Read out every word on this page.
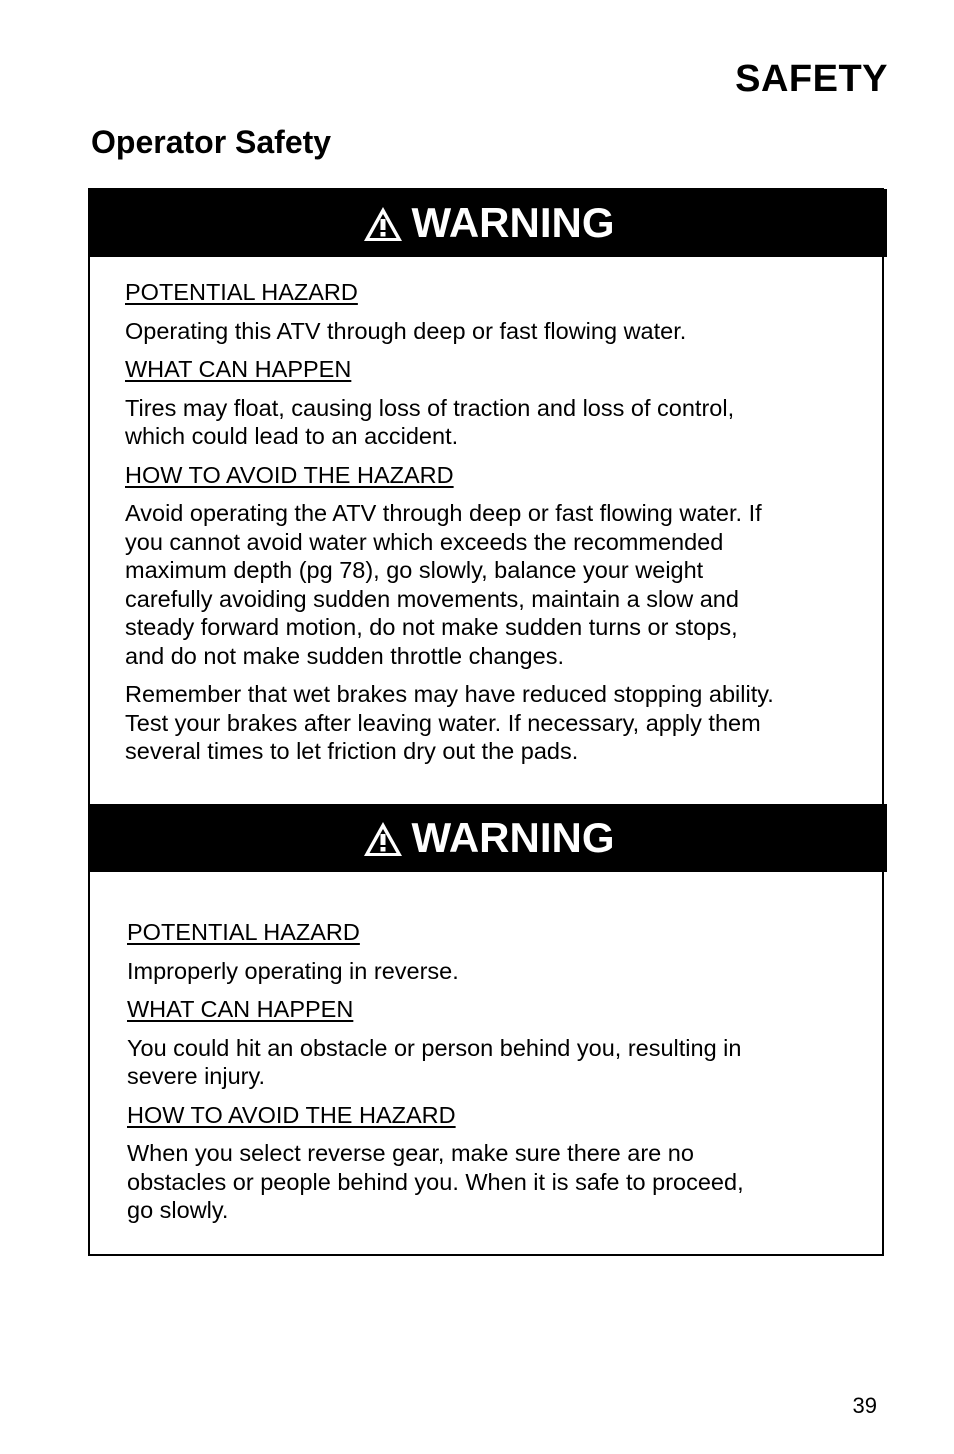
SAFETY
Operator Safety
WARNING

POTENTIAL HAZARD

Operating this ATV through deep or fast flowing water.

WHAT CAN HAPPEN

Tires may float, causing loss of traction and loss of control,
which could lead to an accident.

HOW TO AVOID THE HAZARD

Avoid operating the ATV through deep or fast flowing water. If
you cannot avoid water which exceeds the recommended
maximum depth (pg 78), go slowly, balance your weight
carefully avoiding sudden movements, maintain a slow and
steady forward motion, do not make sudden turns or stops,
and do not make sudden throttle changes.

Remember that wet brakes may have reduced stopping ability.
Test your brakes after leaving water. If necessary, apply them
several times to let friction dry out the pads.

WARNING

POTENTIAL HAZARD

Improperly operating in reverse.

WHAT CAN HAPPEN

You could hit an obstacle or person behind you, resulting in
severe injury.

HOW TO AVOID THE HAZARD

When you select reverse gear, make sure there are no
obstacles or people behind you. When it is safe to proceed,
go slowly.

39
